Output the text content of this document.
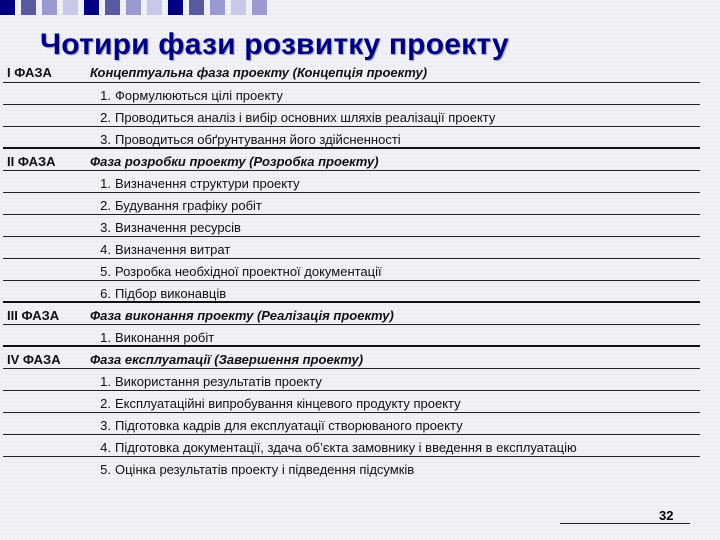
Чотири фази розвитку проекту
І ФАЗА	Концептуальна фаза проекту (Концепція проекту)	
	1.	Формулюються цілі проекту
	2.	Проводиться аналіз і вибір основних шляхів реалізації проекту
	3.	Проводиться обґрунтування його здійсненності
ІІ ФАЗА	Фаза розробки проекту (Розробка проекту)	
	1.	Визначення структури проекту
	2.	Будування графіку робіт
	3.	Визначення ресурсів
	4.	Визначення витрат
	5.	Розробка необхідної проектної документації
	6.	Підбор виконавців
ІІІ ФАЗА	Фаза виконання проекту (Реалізація проекту)	
	1.	Виконання робіт
IV ФАЗА	Фаза експлуатації (Завершення проекту)	
	1.	Використання результатів проекту
	2.	Експлуатаційні випробування кінцевого продукту проекту
	3.	Підготовка кадрів для експлуатації створюваного проекту
	4.	Підготовка документації, здача об’єкта замовнику і введення в експлуатацію
	5.	Оцінка результатів проекту і підведення підсумків
32
